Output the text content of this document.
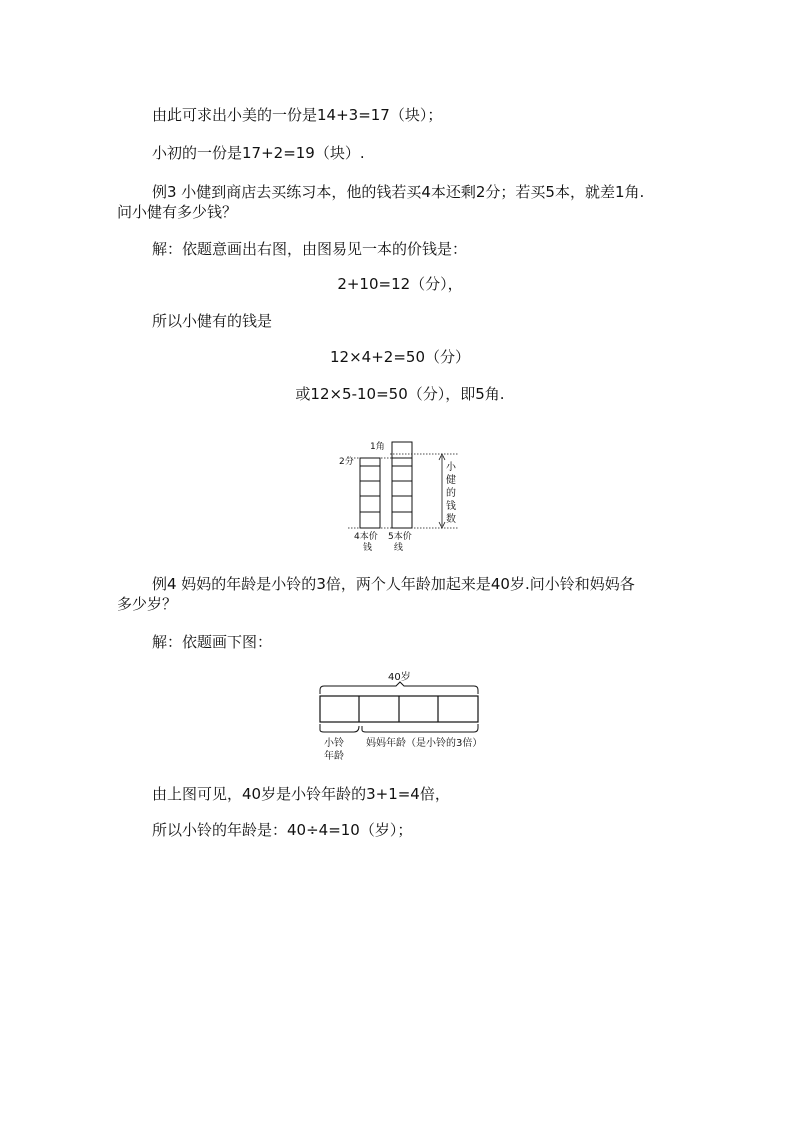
由此可求出小美的一份是14+3=17（块）；
小初的一份是17+2=19（块）.
例3 小健到商店去买练习本，他的钱若买4本还剩2分；若买5本，就差1角.
问小健有多少钱？
解：依题意画出右图，由图易见一本的价钱是：
2+10=12（分），
所以小健有的钱是
12×4+2=50（分）
或12×5-10=50（分），即5角.
1角
2分
4本价
钱
5本价
线
小
健
的
钱
数
例4 妈妈的年龄是小铃的3倍，两个人年龄加起来是40岁.问小铃和妈妈各
多少岁？
解：依题画下图：
40岁
小铃
年龄
妈妈年龄（是小铃的3倍）
由上图可见，40岁是小铃年龄的3+1=4倍，
所以小铃的年龄是：40÷4=10（岁）；
